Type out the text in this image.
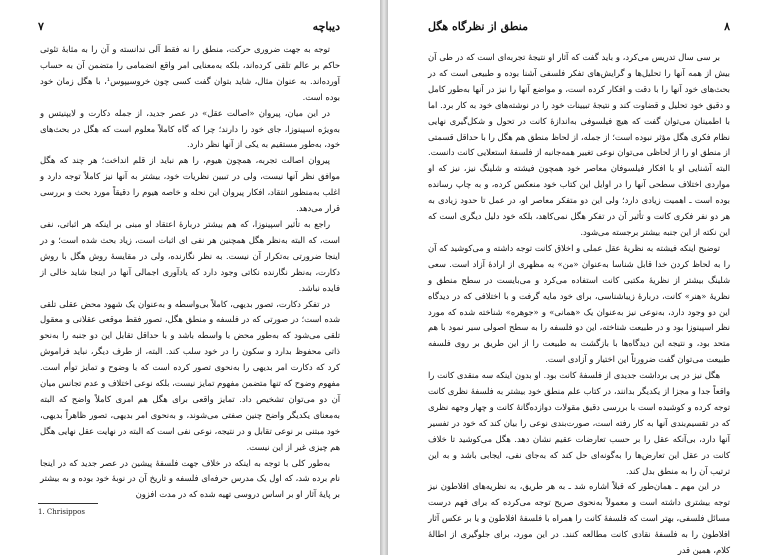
دیباچه
۷

توجه به جهت ضروری حرکت، منطق را نه فقط آلی ندانسته و آن را به مثابهٔ تئوتی حاکم بر عالم تلقی کرده‌اند، بلکه به‌معنایی امر واقع انضمامی را متضمن آن به حساب آورده‌اند. به عنوان مثال، شاید بتوان گفت کسی چون خروسیپوس¹، با هگل زمان خود بوده است.

در این میان، پیروان «اصالت عقل» در عصر جدید، از جمله دکارت و لایپنیتس و به‌ویژه اسپینوزا، جای خود را دارند؛ چرا که گاه کاملاً معلوم است که هگل در بحث‌های خود، به‌طور مستقیم به یکی از آنها نظر دارد.

پیروان اصالت تجربه، همچون هیوم، را هم نباید از قلم انداخت؛ هر چند که هگل موافق نظر آنها نیست، ولی در تبیین نظریات خود، بیشتر به آنها نیز کاملاً توجه دارد و اغلب به‌منظور انتقاد، افکار پیروان این نحله و خاصه هیوم را دقیقاً مورد بحث و بررسی قرار می‌دهد.

راجع به تأثیر اسپینوزا، که هم بیشتر دربارهٔ اعتقاد او مبنی بر اینکه هر اثباتی، نفی است، که البته به‌نظر هگل همچنین هر نفی ای اثبات است، زیاد بحث شده است؛ و در اینجا ضرورتی به‌تکرار آن نیست. به نظر نگارنده، ولی در مقایسهٔ روش هگل با روش دکارت، به‌نظر نگارنده نکاتی وجود دارد که یادآوری اجمالی آنها در اینجا شاید خالی از فایده نباشد.

در تفکر دکارت، تصور بدیهی، کاملاً بی‌واسطه و به‌عنوان یک شهود محض عقلی تلقی شده است؛ در صورتی که در فلسفه و منطق هگل، تصور فقط موقعی عقلانی و معقول تلقی می‌شود که به‌طور محض با واسطه باشد و با حداقل تقابل این دو جنبه را به‌نحو ذاتی محفوظ بدارد و سکون را در خود سلب کند. البته، از طرف دیگر، نباید فراموش کرد که دکارت امر بدیهی را به‌نحوی تصور کرده است که با وضوح و تمایز توأم است. مفهوم وضوح که تنها متضمن مفهوم تمایز نیست، بلکه نوعی اختلاف و عدم تجانس میان آن دو می‌توان تشخیص داد. تمایز واقعی برای هگل هم امری کاملاً واضح که البته به‌معنای یکدیگر واضح چنین صفتی می‌شوند، و به‌نحوی امر بدیهی، تصور ظاهراً بدیهی، خود مبتنی بر نوعی تقابل و در نتیجه، نوعی نفی است که البته در نهایت عقل نهایی هگل هم چیزی غیر از این نیست.

به‌طور کلی با توجه به اینکه در خلاف جهت فلسفهٔ پیشین در عصر جدید که در اینجا نام برده شد، که اول یک مدرس حرفه‌ای فلسفه و تاریخ آن در نوبهٔ خود بوده و به بیشتر بر پایهٔ آثار او بر اساس دروسی تهیه شده که در مدت افزون

1. Chrisippos
۸
منطق از نظرگاه هگل

بر سی سال تدریس می‌کرد، و باید گفت که آثار او نتیجهٔ تجربه‌ای است که در طی آن بیش از همه آنها را تحلیل‌ها و گرایش‌های تفکر فلسفی آشنا بوده و طبیعی است که در بحث‌های خود آنها را با دقت و افکار کرده است، و مواضع آنها را نیز در آنها به‌طور کامل و دقیق خود تحلیل و قضاوت کند و نتیجهٔ تبیینات خود را در نوشته‌های خود به کار برد. اما با اطمینان می‌توان گفت که هیچ فیلسوفی به‌اندازهٔ کانت در تحول و شکل‌گیری نهایی نظام فکری هگل مؤثر نبوده است؛ از جمله، از لحاظ منطق هم هگل را با حداقل قسمتی از منطق او را از لحاظی می‌توان نوعی تغییر همه‌جانبه از فلسفهٔ استعلایی کانت دانست. البته آشنایی او با افکار فیلسوفان معاصر خود همچون فیشته و شلینگ نیز، نیز که او مواردی اختلاف سطحی آنها را در اوایل این کتاب خود منعکس کرده، و به چاپ رسانده بوده است ـ اهمیت زیادی دارد؛ ولی این دو متفکر معاصر او، در عمل تا حدود زیادی به هر دو نفر فکری کانت و تأثیر آن در تفکر هگل نمی‌کاهد، بلکه خود دلیل دیگری است که این نکته از این جنبه بیشتر برجسته می‌شود.

توضیح اینکه فیشته به نظریهٔ عقل عملی و اخلاق کانت توجه داشته و می‌کوشید که آن را به لحاظ کردن خدا قابل شناسا به‌عنوان «من» به مظهری از ارادهٔ آزاد است. سعی شلینگ بیشتر از نظریهٔ مکتبی کانت استفاده می‌کرد و می‌بایست در سطح منطق و نظریهٔ «هنر» کانت، دربارهٔ زیباشناسی، برای خود مایه گرفت و با اختلافی که در دیدگاه این دو وجود دارد، به‌نوعی نیز به‌عنوان یک «همانی» و «جوهره» شناخته شده که مورد نظر اسپینوزا بود و در طبیعت شناخته، این دو فلسفه را به سطح اصولی سیر نمود با هم متحد بود، و نتیجه این دیدگاه‌ها با بازگشت به طبیعت را از این طریق بر روی فلسفه طبیعت می‌توان گفت ضرورتاً این اختیار و آزادی است.

هگل نیز در پی برداشت جدیدی از فلسفهٔ کانت بود. او بدون اینکه سه منقدی کانت را واقعاً جدا و مجزا از یکدیگر بدانند، در کتاب علم منطق خود بیشتر به فلسفهٔ نظری کانت توجه کرده و کوشیده است با بررسی دقیق مقولات دوازده‌گانهٔ کانت و چهار وجهه نظری که در تقسیم‌بندی آنها به کار رفته است، صورت‌بندی نوعی را بیان کند که خود در تفسیر آنها دارد، بی‌آنکه عقل را بر حسب تعارضات عقیم نشان دهد. هگل می‌کوشید تا خلاف کانت در عقل این تعارض‌ها را به‌گونه‌ای حل کند که به‌جای نفی، ایجابی باشد و به این ترتیب آن را به منطق بدل کند.

در این مهم ـ همان‌طور که قبلاً اشاره شد ـ به هر طریق، به نظریه‌های افلاطون نیز توجه بیشتری داشته است و معمولاً به‌نحوی صریح توجه می‌کرده که برای فهم درست مسائل فلسفی، بهتر است که فلسفهٔ کانت را همراه با فلسفهٔ افلاطون و یا بر عکس آثار افلاطون را به فلسفهٔ نقادی کانت مطالعه کنند. در این مورد، برای جلوگیری از اطالهٔ کلام، همین قدر
